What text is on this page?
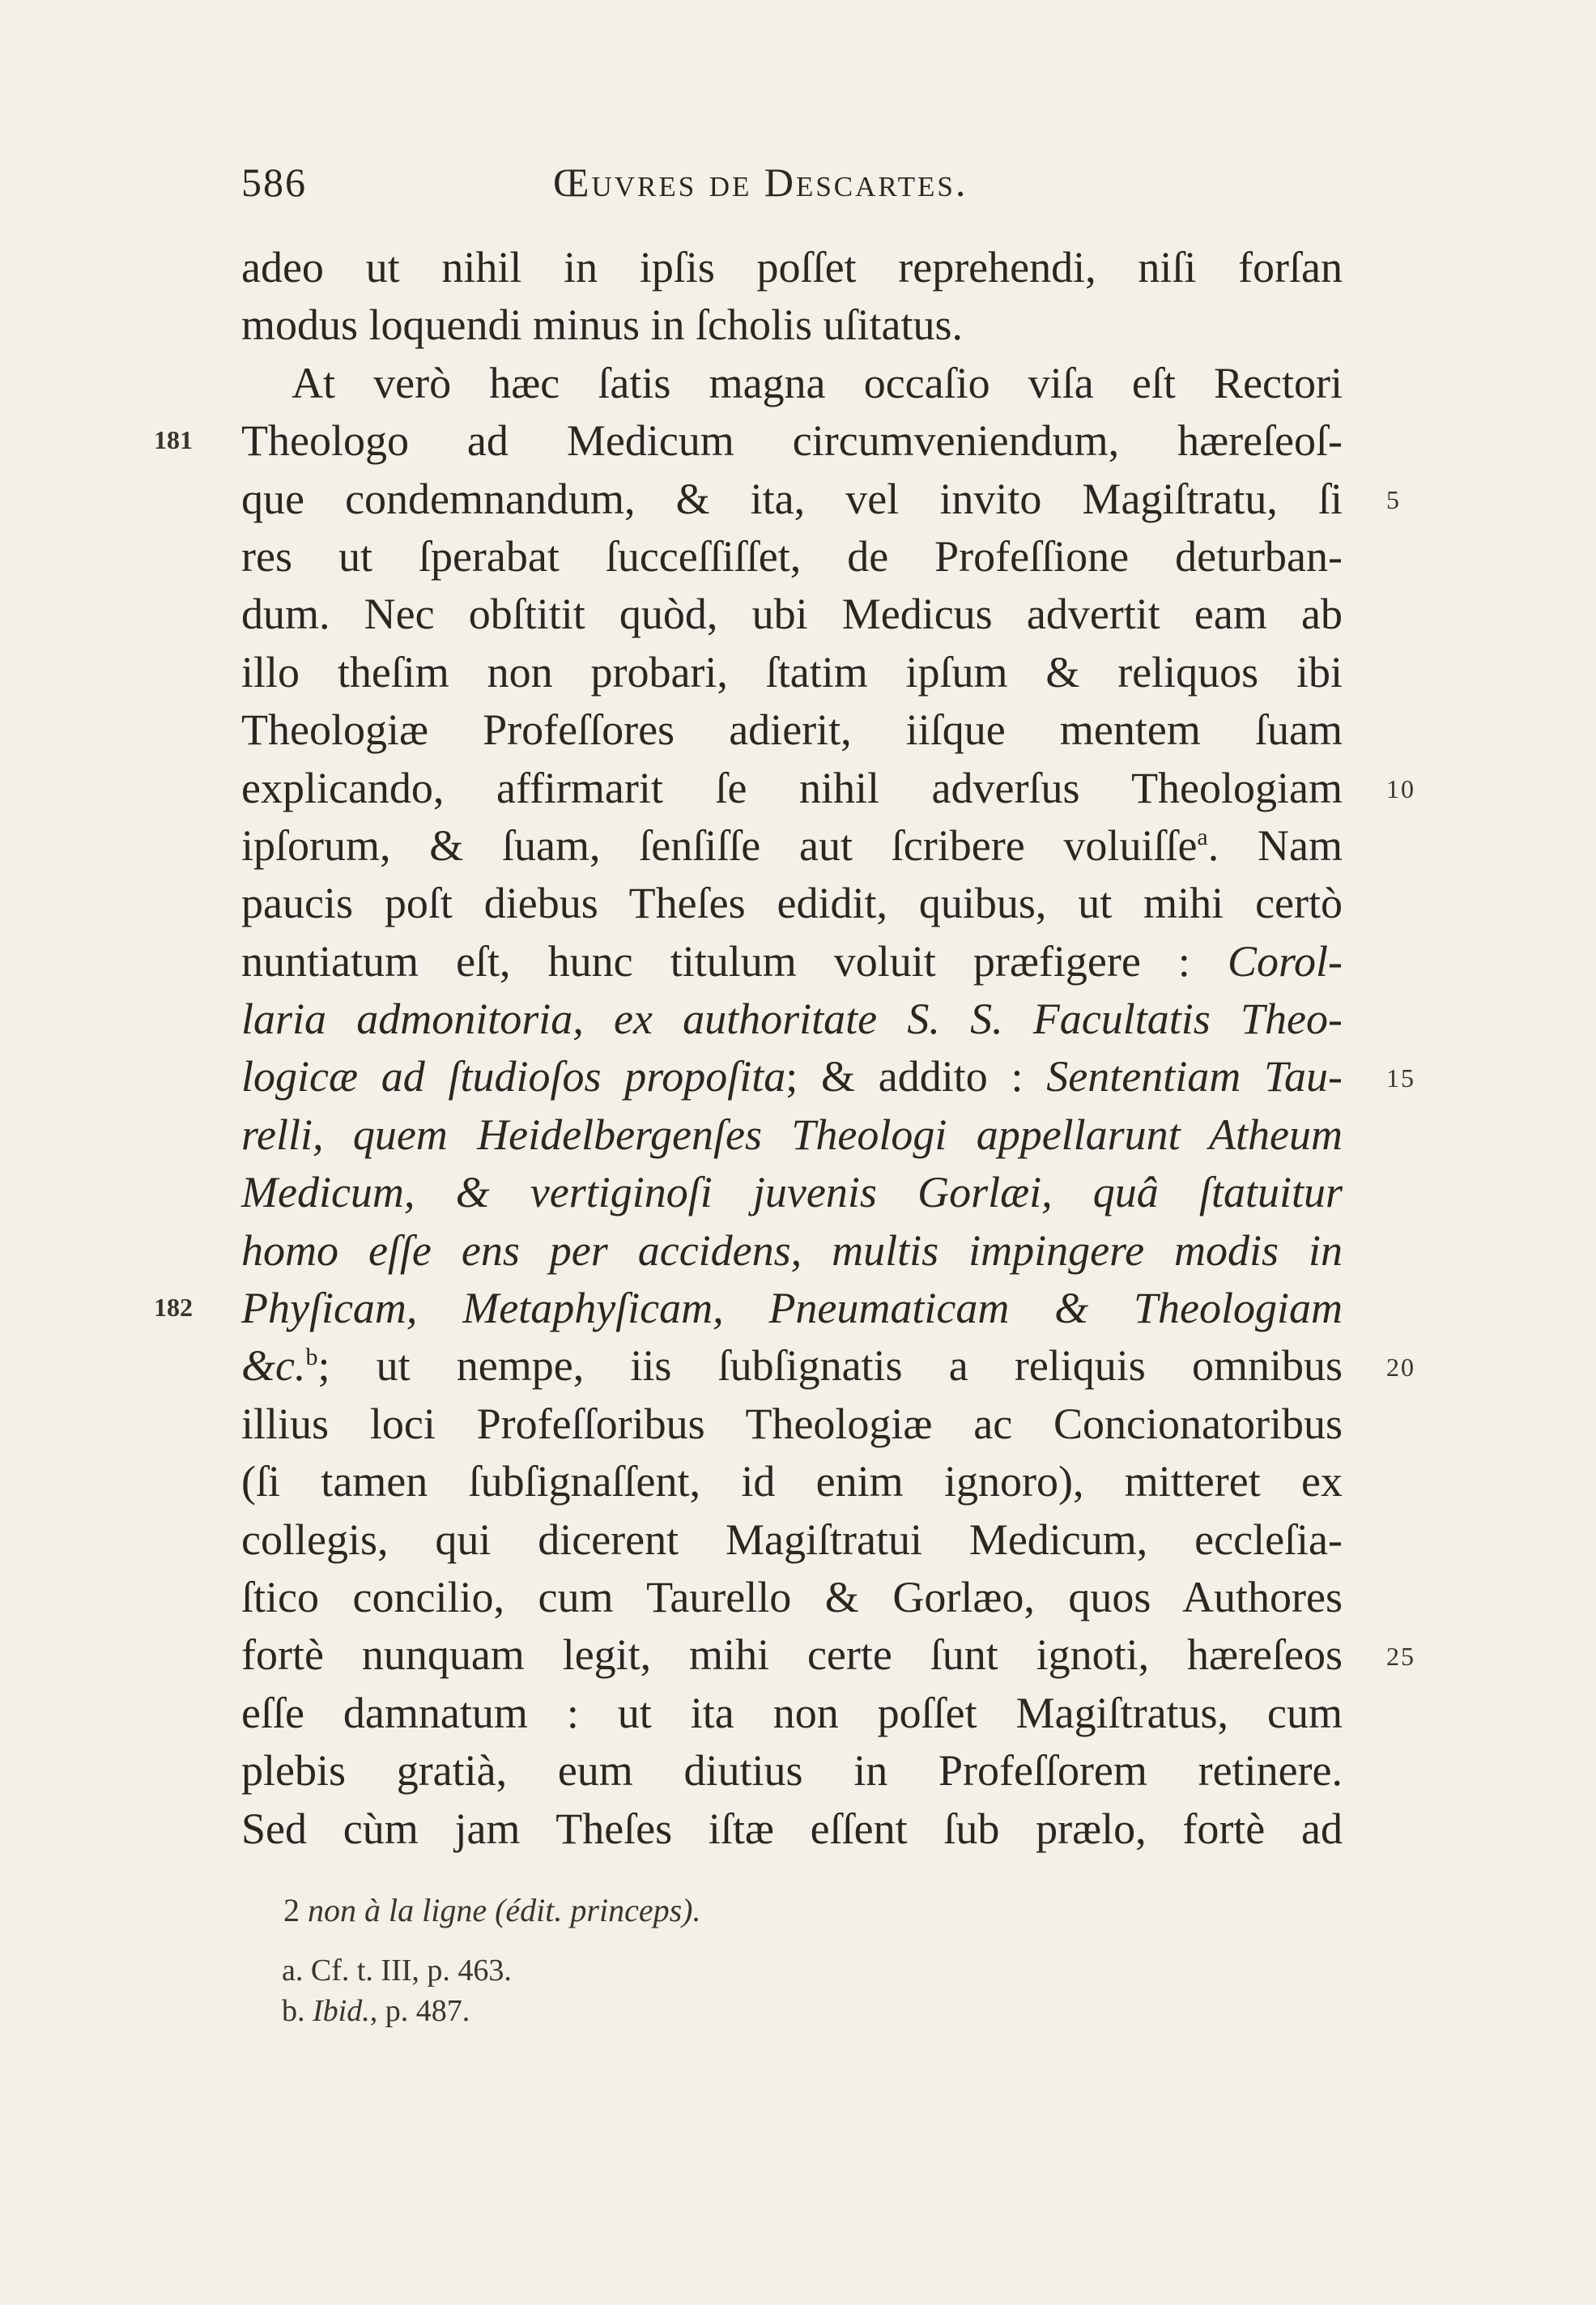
586	Œuvres de Descartes.
adeo ut nihil in ipſis poſſet reprehendi, niſi forſan
modus loquendi minus in ſcholis uſitatus.
At verò hæc ſatis magna occaſio viſa eſt Rectori
Theologo ad Medicum circumveniendum, hæreſeoſ-
que condemnandum, & ita, vel invito Magiſtratu, ſi
res ut ſperabat ſucceſſiſſet, de Profeſſione deturban-
dum. Nec obſtitit quòd, ubi Medicus advertit eam ab
illo theſim non probari, ſtatim ipſum & reliquos ibi
Theologiæ Profeſſores adierit, iiſque mentem ſuam
explicando, affirmarit ſe nihil adverſus Theologiam
ipſorum, & ſuam, ſenſiſſe aut ſcribere voluiſſe$^a$. Nam
paucis poſt diebus Theſes edidit, quibus, ut mihi certò
nuntiatum eſt, hunc titulum voluit præfigere : Corol-
laria admonitoria, ex authoritate S. S. Facultatis Theo-
logicæ ad ſtudioſos propoſita; & addito : Sententiam Tau-
relli, quem Heidelbergenſes Theologi appellarunt Atheum
Medicum, & vertiginoſi juvenis Gorlæi, quâ ſtatuitur
homo eſſe ens per accidens, multis impingere modis in
Phyſicam, Metaphyſicam, Pneumaticam & Theologiam
&c.$^b$; ut nempe, iis ſubſignatis a reliquis omnibus
illius loci Profeſſoribus Theologiæ ac Concionatoribus
(ſi tamen ſubſignaſſent, id enim ignoro), mitteret ex
collegis, qui dicerent Magiſtratui Medicum, eccleſia-
ſtico concilio, cum Taurello & Gorlæo, quos Authores
fortè nunquam legit, mihi certe ſunt ignoti, hæreſeos
eſſe damnatum : ut ita non poſſet Magiſtratus, cum
plebis gratià, eum diutius in Profeſſorem retinere.
Sed cùm jam Theſes iſtæ eſſent ſub prælo, fortè ad
181
182
5
10
15
20
25
2 non à la ligne (édit. princeps).
a. Cf. t. III, p. 463.
b. Ibid., p. 487.
